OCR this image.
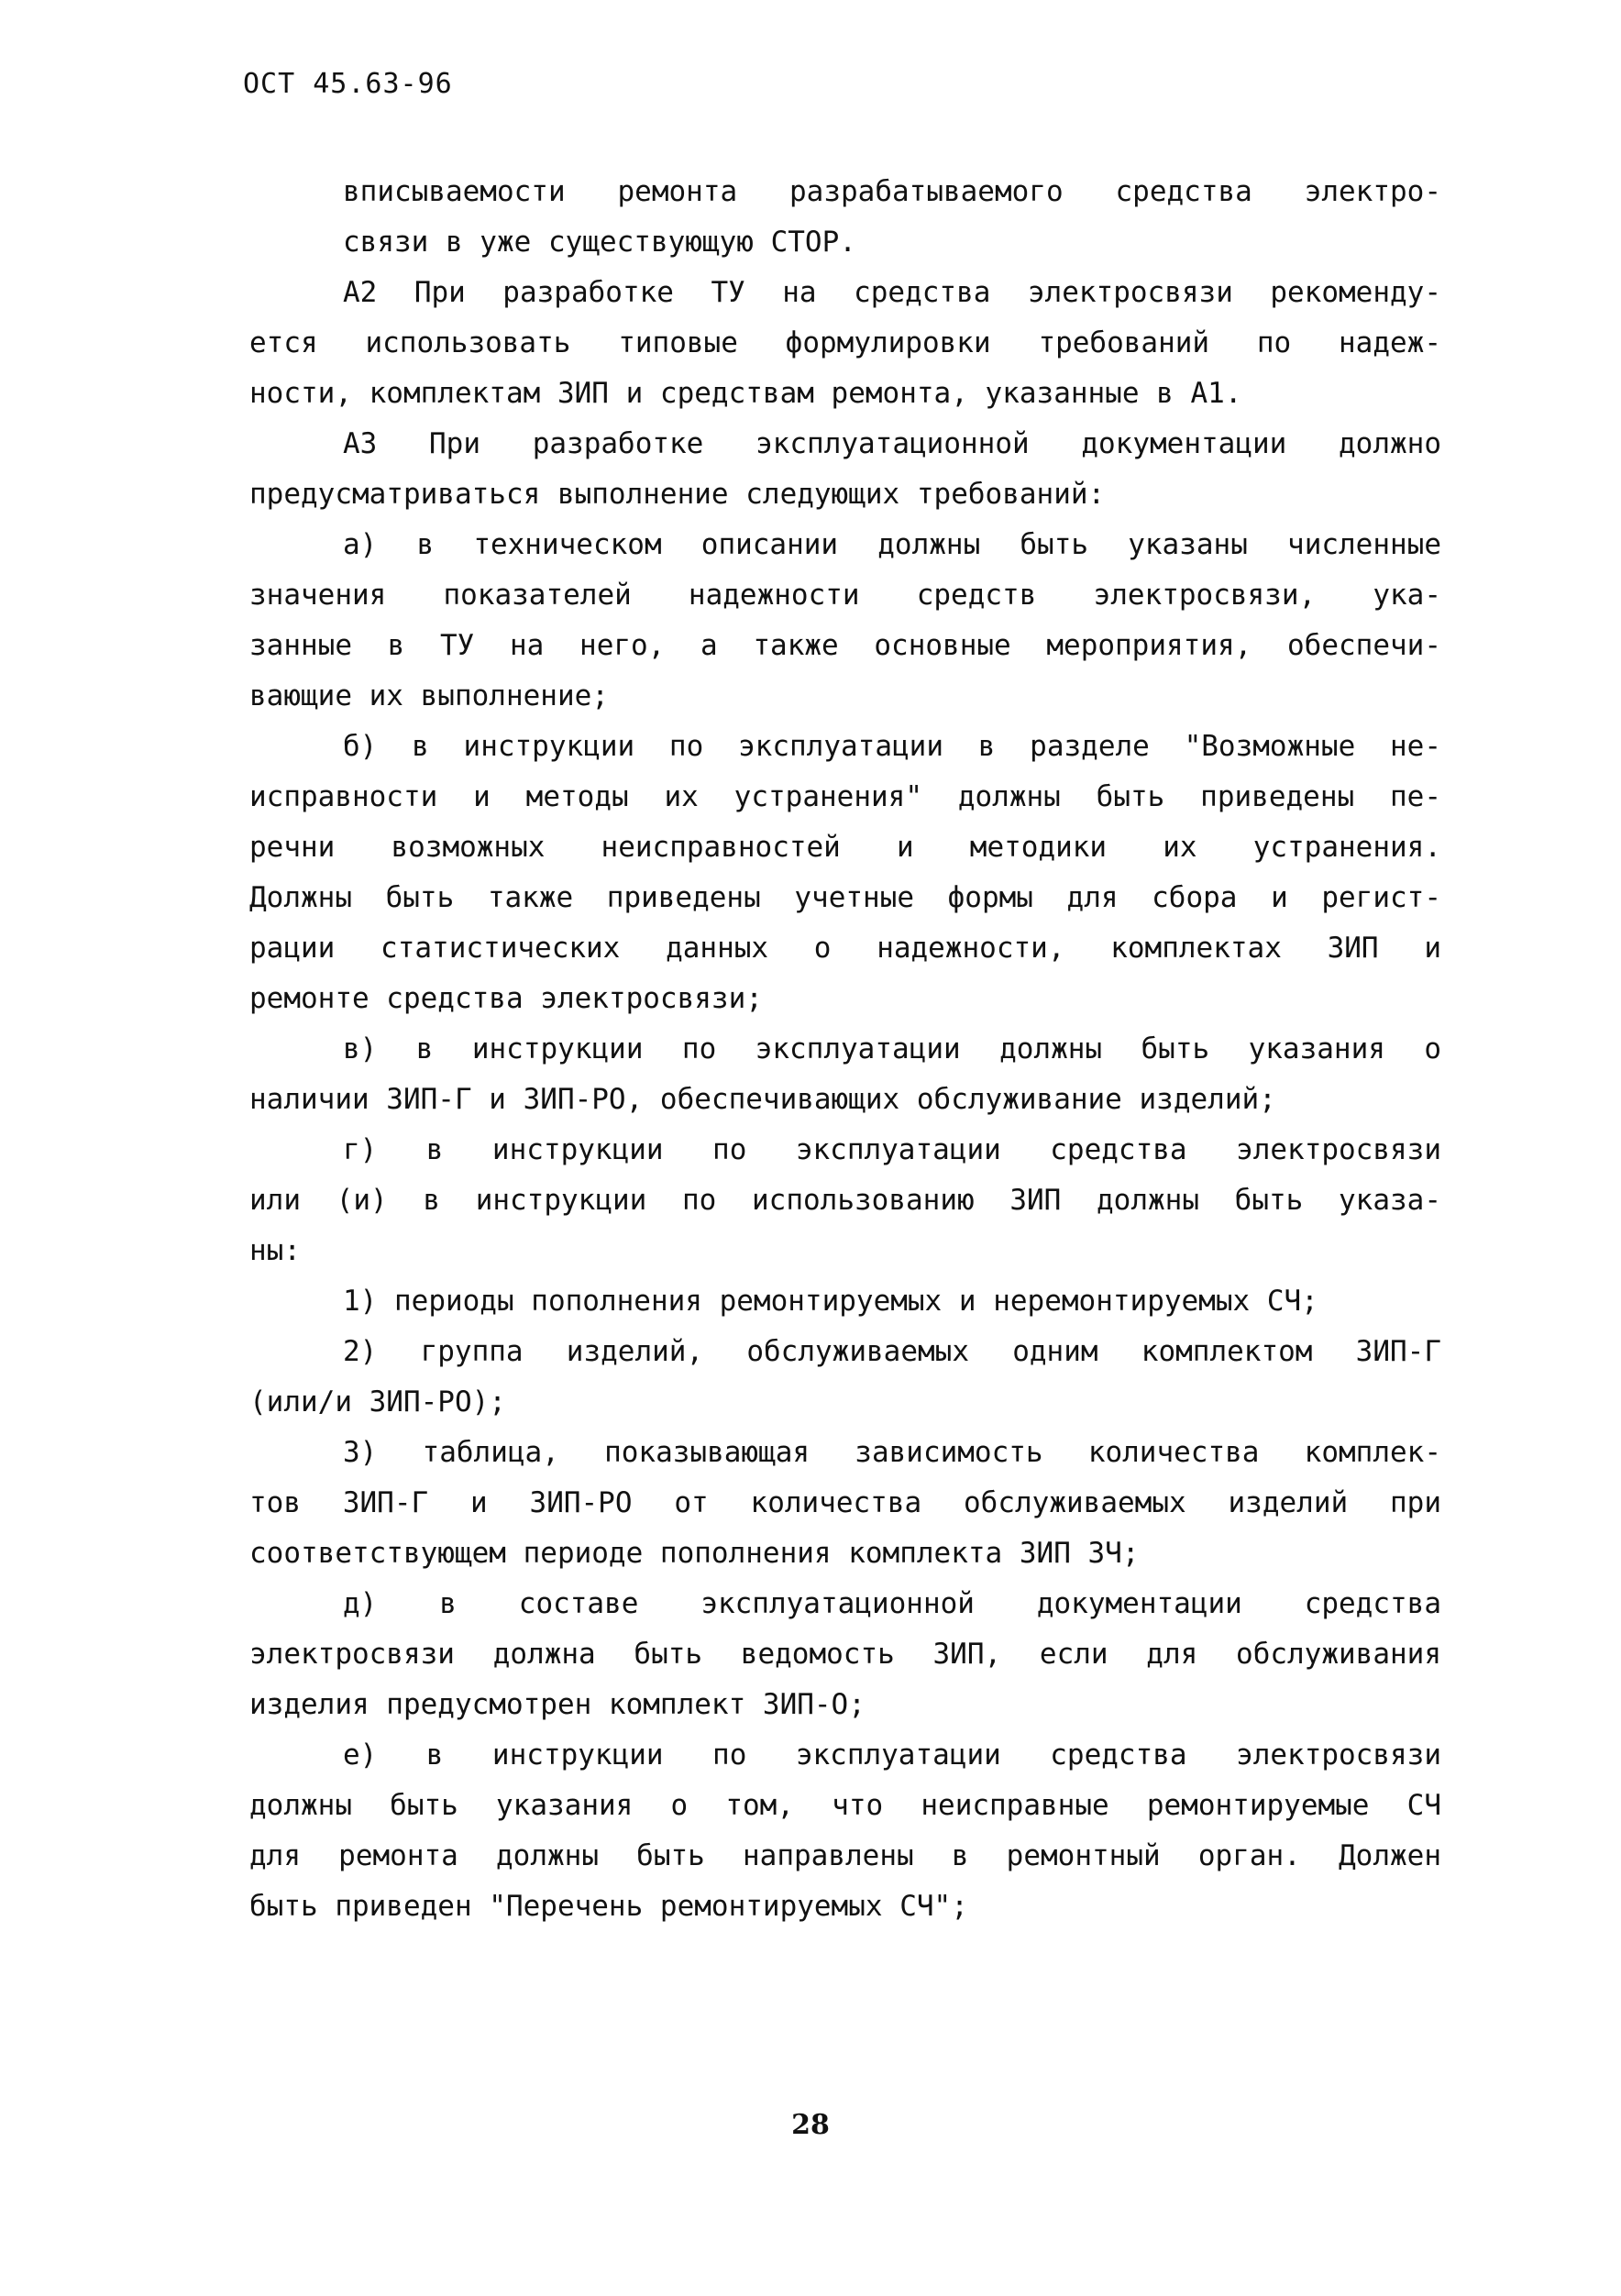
ОСТ 45.63-96
вписываемости ремонта разрабатываемого средства электро-
связи в уже существующую СТОР.
А2 При разработке ТУ на средства электросвязи рекоменду-
ется использовать типовые формулировки требований по надеж-
ности, комплектам ЗИП и средствам ремонта, указанные в А1.
А3 При разработке эксплуатационной документации должно
предусматриваться выполнение следующих требований:
а) в техническом описании должны быть указаны численные
значения показателей надежности средств электросвязи, ука-
занные в ТУ на него, а также основные мероприятия, обеспечи-
вающие их выполнение;
б) в инструкции по эксплуатации в разделе "Возможные не-
исправности и методы их устранения" должны быть приведены пе-
речни возможных неисправностей и методики их устранения.
Должны быть также приведены учетные формы для сбора и регист-
рации статистических данных о надежности, комплектах ЗИП и
ремонте средства электросвязи;
в) в инструкции по эксплуатации должны быть указания о
наличии ЗИП-Г и ЗИП-РО, обеспечивающих обслуживание изделий;
г) в инструкции по эксплуатации средства электросвязи
или (и) в инструкции по использованию ЗИП должны быть указа-
ны:
1) периоды пополнения ремонтируемых и неремонтируемых СЧ;
2) группа изделий, обслуживаемых одним комплектом ЗИП-Г
(или/и ЗИП-РО);
3) таблица, показывающая зависимость количества комплек-
тов ЗИП-Г и ЗИП-РО от количества обслуживаемых изделий при
соответствующем периоде пополнения комплекта ЗИП ЗЧ;
д) в составе эксплуатационной документации средства
электросвязи должна быть ведомость ЗИП, если для обслуживания
изделия предусмотрен комплект ЗИП-О;
е) в инструкции по эксплуатации средства электросвязи
должны быть указания о том, что неисправные ремонтируемые СЧ
для ремонта должны быть направлены в ремонтный орган. Должен
быть приведен "Перечень ремонтируемых СЧ";
28
